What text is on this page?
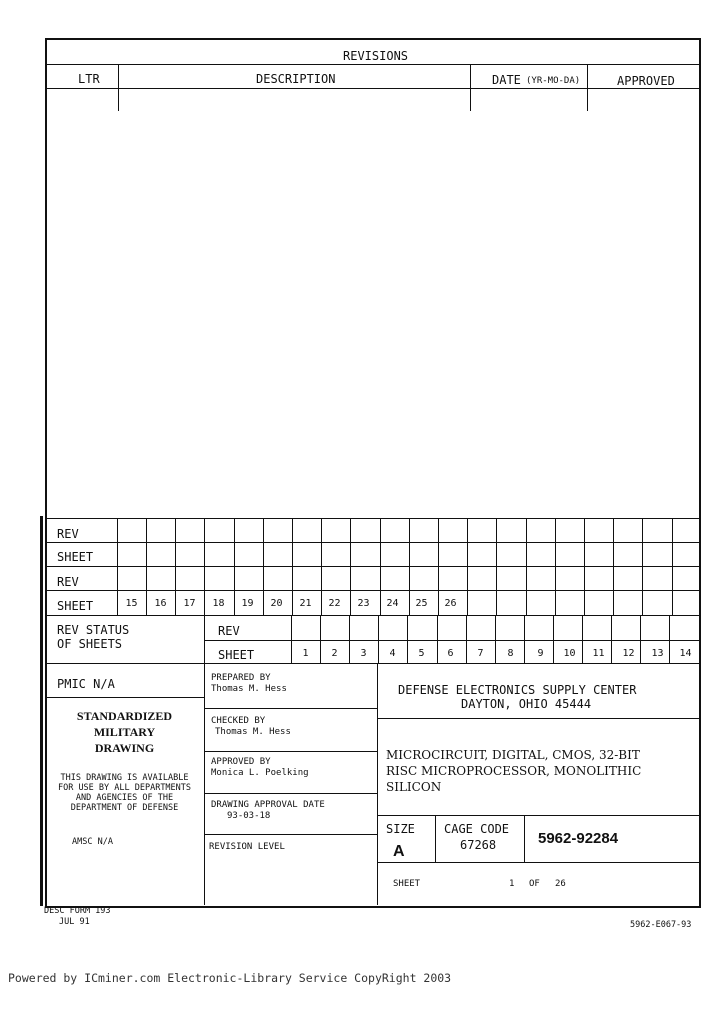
REVISIONS
LTR	DESCRIPTION	DATE (YR-MO-DA)	APPROVED
REV
SHEET
REV
SHEET	15	16	17	18	19	20	21	22	23	24	25	26
REV STATUS
OF SHEETS
REV
SHEET	1	2	3	4	5	6	7	8	9	10	11	12	13	14
PMIC N/A
STANDARDIZED
MILITARY
DRAWING
THIS DRAWING IS AVAILABLE
FOR USE BY ALL DEPARTMENTS
AND AGENCIES OF THE
DEPARTMENT OF DEFENSE
AMSC N/A
PREPARED BY
Thomas M. Hess
CHECKED BY
Thomas M. Hess
APPROVED BY
Monica L. Poelking
DRAWING APPROVAL DATE
93-03-18
REVISION LEVEL
DEFENSE ELECTRONICS SUPPLY CENTER
DAYTON, OHIO 45444
MICROCIRCUIT, DIGITAL, CMOS, 32-BIT
RISC MICROPROCESSOR, MONOLITHIC
SILICON
SIZE
A
CAGE CODE
67268	5962-92284
SHEET	1 OF 26
DESC FORM 193
JUL 91	5962-E067-93
Powered by ICminer.com Electronic-Library Service CopyRight 2003
